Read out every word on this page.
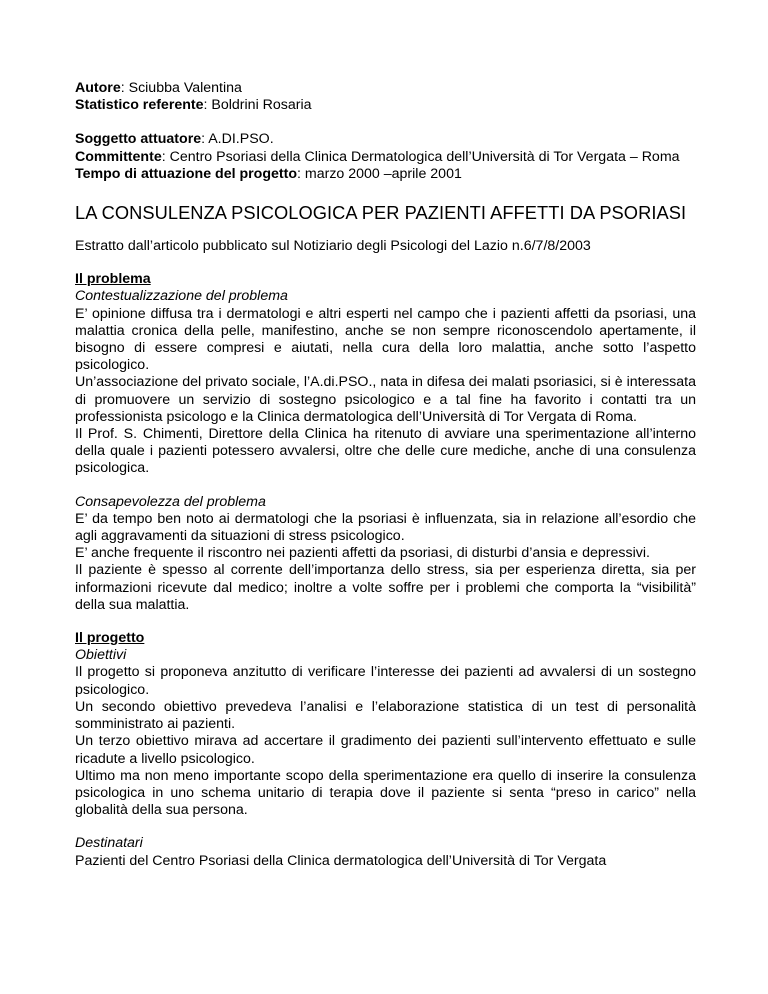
Autore: Sciubba Valentina

Statistico referente: Boldrini Rosaria

Soggetto attuatore: A.DI.PSO.

Committente: Centro Psoriasi della Clinica Dermatologica dell’Università di Tor Vergata – Roma

Tempo di attuazione del progetto: marzo 2000 –aprile 2001

LA CONSULENZA PSICOLOGICA PER PAZIENTI AFFETTI DA PSORIASI

Estratto dall’articolo pubblicato sul Notiziario degli Psicologi del Lazio n.6/7/8/2003

Il problema

Contestualizzazione del problema

E’ opinione diffusa tra i dermatologi e altri esperti nel campo che i pazienti affetti da psoriasi, una malattia cronica della pelle, manifestino, anche se non sempre riconoscendolo apertamente, il bisogno di essere compresi e aiutati, nella cura della loro malattia, anche sotto l’aspetto psicologico.

Un’associazione del privato sociale, l’A.di.PSO., nata in difesa dei malati psoriasici, si è interessata di promuovere un servizio di sostegno psicologico e a tal fine ha favorito i contatti tra un professionista psicologo e la Clinica dermatologica dell’Università di Tor Vergata di Roma.

Il Prof. S. Chimenti, Direttore della Clinica ha ritenuto di avviare una sperimentazione all’interno della quale i pazienti potessero avvalersi, oltre che delle cure mediche, anche di una consulenza psicologica.

Consapevolezza del problema

E’ da tempo ben noto ai dermatologi che la psoriasi è influenzata, sia in relazione all’esordio che agli aggravamenti da situazioni di stress psicologico.

E’ anche frequente il riscontro nei pazienti affetti da psoriasi, di disturbi d’ansia e depressivi.

Il paziente è spesso al corrente dell’importanza dello stress, sia per esperienza diretta, sia per informazioni ricevute dal medico; inoltre a volte soffre per i problemi che comporta la “visibilità” della sua malattia.

Il progetto

Obiettivi

Il progetto si proponeva anzitutto di verificare l’interesse dei pazienti ad avvalersi di un sostegno psicologico.

Un secondo obiettivo prevedeva l’analisi e l’elaborazione statistica di un test di personalità somministrato ai pazienti.

Un terzo obiettivo mirava ad accertare il gradimento dei pazienti sull’intervento effettuato e sulle ricadute a livello psicologico.

Ultimo ma non meno importante scopo della sperimentazione era quello di inserire la consulenza psicologica in uno schema unitario di terapia dove il paziente si senta “preso in carico” nella globalità della sua persona.

Destinatari

Pazienti del Centro Psoriasi della Clinica dermatologica dell’Università di Tor Vergata
